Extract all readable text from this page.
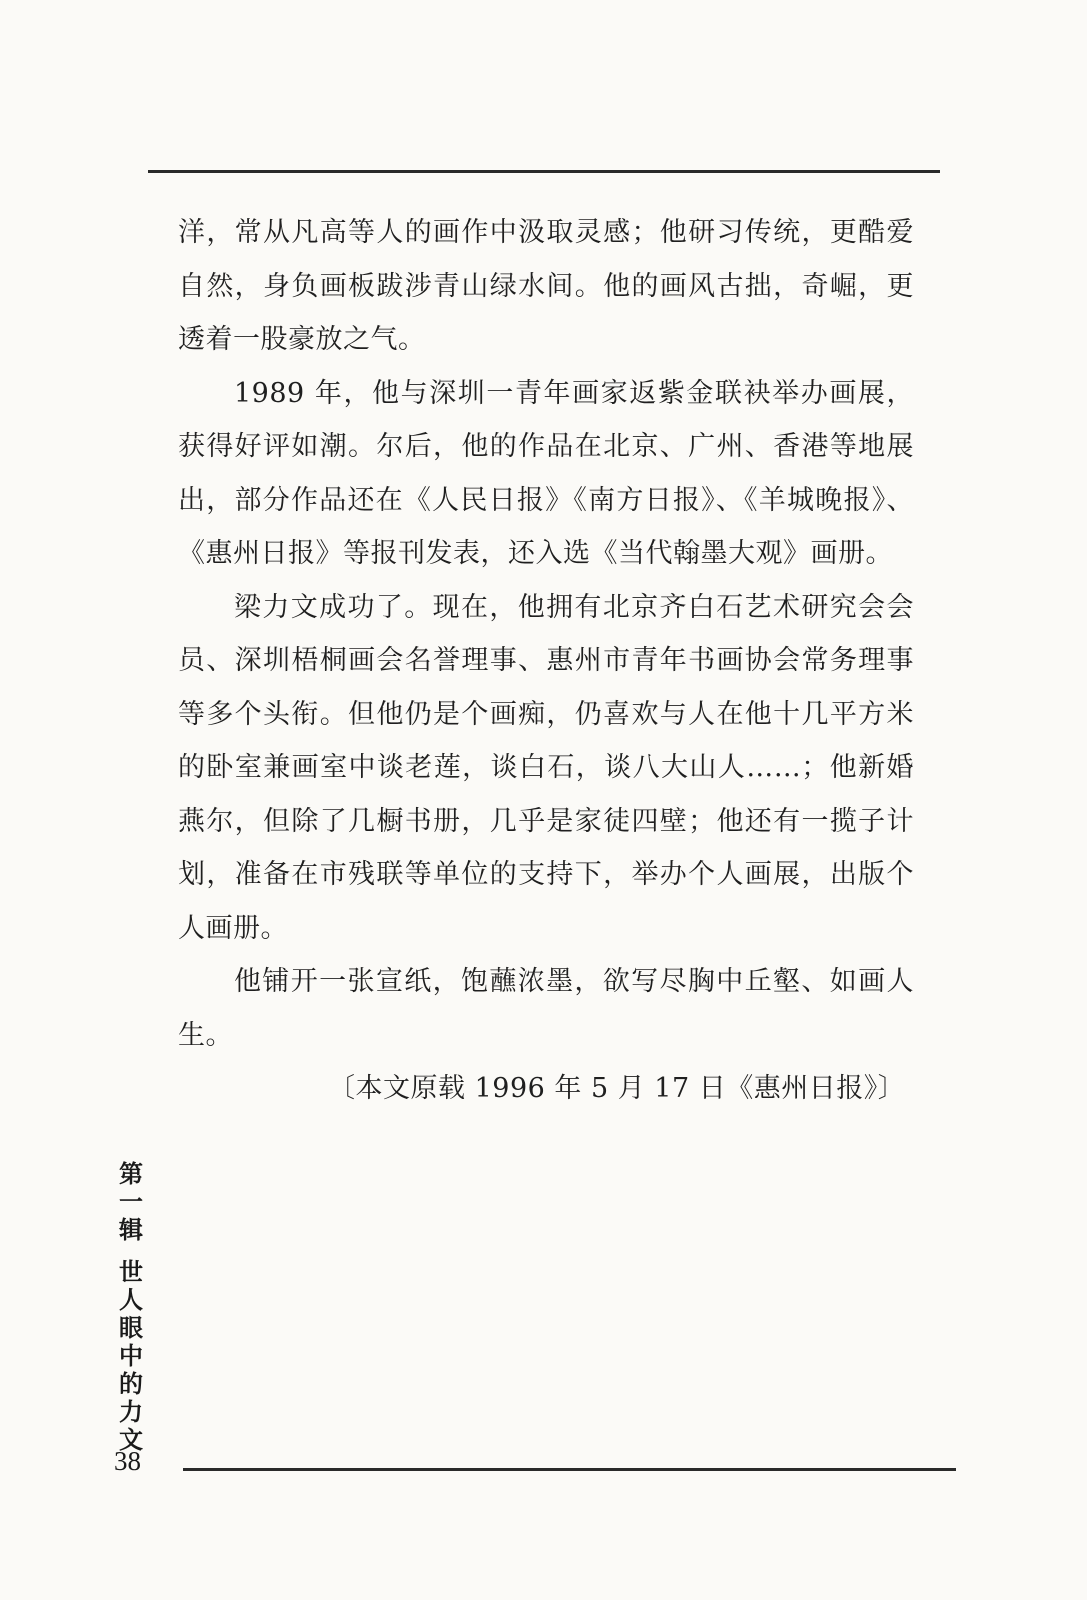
洋，常从凡高等人的画作中汲取灵感；他研习传统，更酷爱自然，身负画板跋涉青山绿水间。他的画风古拙，奇崛，更透着一股豪放之气。

1989 年，他与深圳一青年画家返紫金联袂举办画展，获得好评如潮。尔后，他的作品在北京、广州、香港等地展出，部分作品还在《人民日报》《南方日报》、《羊城晚报》、《惠州日报》等报刊发表，还入选《当代翰墨大观》画册。

梁力文成功了。现在，他拥有北京齐白石艺术研究会会员、深圳梧桐画会名誉理事、惠州市青年书画协会常务理事等多个头衔。但他仍是个画痴，仍喜欢与人在他十几平方米的卧室兼画室中谈老莲，谈白石，谈八大山人……；他新婚燕尔，但除了几橱书册，几乎是家徒四壁；他还有一揽子计划，准备在市残联等单位的支持下，举办个人画展，出版个人画册。

他铺开一张宣纸，饱蘸浓墨，欲写尽胸中丘壑、如画人生。

〔本文原载 1996 年 5 月 17 日《惠州日报》〕

第
一
辑
世
人
眼
中
的
力
文
38
